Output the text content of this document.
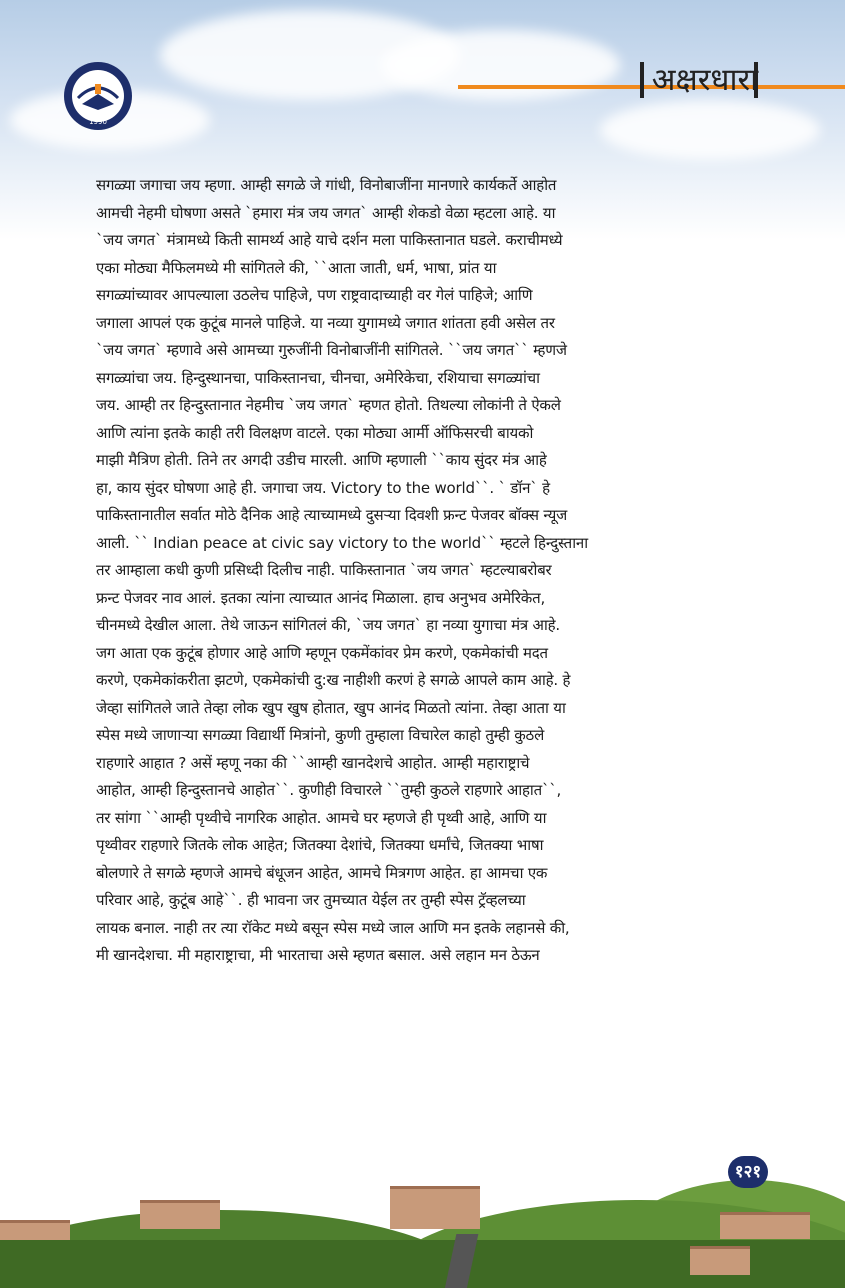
1990
अक्षरधारा
सगळ्या जगाचा जय म्हणा. आम्ही सगळे जे गांधी, विनोबाजींना मानणारे कार्यकर्ते आहोत
आमची नेहमी घोषणा असते `हमारा मंत्र जय जगत` आम्ही शेकडो वेळा म्हटला आहे. या
`जय जगत` मंत्रामध्ये किती सामर्थ्य आहे याचे दर्शन मला पाकिस्तानात घडले. कराचीमध्ये
एका मोठ्या मैफिलमध्ये मी सांगितले की, ``आता जाती, धर्म, भाषा, प्रांत या
सगळ्यांच्यावर आपल्याला उठलेच पाहिजे, पण राष्ट्रवादाच्याही वर गेलं पाहिजे; आणि
जगाला आपलं एक कुटूंब मानले पाहिजे. या नव्या युगामध्ये जगात शांतता हवी असेल तर
`जय जगत` म्हणावे असे आमच्या गुरुजींनी विनोबाजींनी सांगितले. ``जय जगत`` म्हणजे
सगळ्यांचा जय. हिन्दुस्थानचा, पाकिस्तानचा, चीनचा, अमेरिकेचा, रशियाचा सगळ्यांचा
जय. आम्ही तर हिन्दुस्तानात नेहमीच `जय जगत` म्हणत होतो. तिथल्या लोकांनी ते ऐकले
आणि त्यांना इतके काही तरी विलक्षण वाटले. एका मोठ्या आर्मी ऑफिसरची बायको
माझी मैत्रिण होती. तिने तर अगदी उडीच मारली. आणि म्हणाली ``काय सुंदर मंत्र आहे
हा, काय सुंदर घोषणा आहे ही. जगाचा जय. Victory to the world``. ` डॉन` हे
पाकिस्तानातील सर्वात मोठे दैनिक आहे त्याच्यामध्ये दुसऱ्या दिवशी फ्रन्ट पेजवर बॉक्स न्यूज
आली. `` Indian peace at civic say victory to the world`` म्हटले हिन्दुस्ताना
तर आम्हाला कधी कुणी प्रसिध्दी दिलीच नाही. पाकिस्तानात `जय जगत` म्हटल्याबरोबर
फ्रन्ट पेजवर नाव आलं. इतका त्यांना त्याच्यात आनंद मिळाला. हाच अनुभव अमेरिकेत,
चीनमध्ये देखील आला. तेथे जाऊन सांगितलं की, `जय जगत` हा नव्या युगाचा मंत्र आहे.
जग आता एक कुटूंब होणार आहे आणि म्हणून एकमेंकांवर प्रेम करणे, एकमेकांची मदत
करणे, एकमेकांकरीता झटणे, एकमेकांची दु:ख नाहीशी करणं हे सगळे आपले काम आहे. हे
जेव्हा सांगितले जाते तेव्हा लोक खुप खुष होतात, खुप आनंद मिळतो त्यांना. तेव्हा आता या
स्पेस मध्ये जाणाऱ्या सगळ्या विद्यार्थी मित्रांनो, कुणी तुम्हाला विचारेल काहो तुम्ही कुठले
राहणारे आहात ? असें म्हणू नका की ``आम्ही खानदेशचे आहोत. आम्ही महाराष्ट्राचे
आहोत, आम्ही हिन्दुस्तानचे आहोत``. कुणीही विचारले ``तुम्ही कुठले राहणारे आहात``,
तर सांगा ``आम्ही पृथ्वीचे नागरिक आहोत. आमचे घर म्हणजे ही पृथ्वी आहे, आणि या
पृथ्वीवर राहणारे जितके लोक आहेत; जितक्या देशांचे, जितक्या धर्मांचे, जितक्या भाषा
बोलणारे ते सगळे म्हणजे आमचे बंधूजन आहेत, आमचे मित्रगण आहेत. हा आमचा एक
परिवार आहे, कुटूंब आहे``. ही भावना जर तुमच्यात येईल तर तुम्ही स्पेस ट्रॅव्हलच्या
लायक बनाल. नाही तर त्या रॉकेट मध्ये बसून स्पेस मध्ये जाल आणि मन इतके लहानसे की,
मी खानदेशचा. मी महाराष्ट्राचा, मी भारताचा असे म्हणत बसाल. असे लहान मन ठेऊन
१२१
